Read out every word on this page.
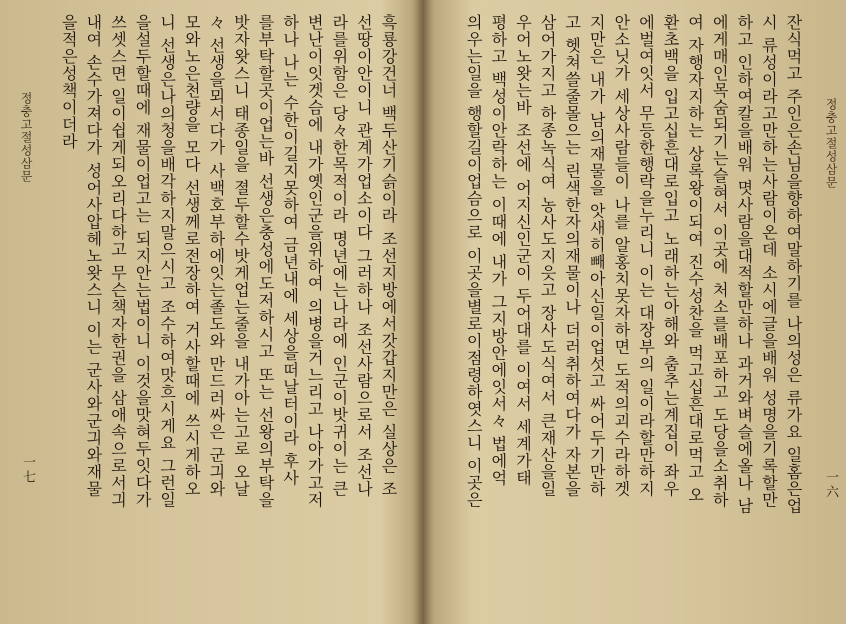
정충고절성삼문	흑룡강건너 백두산기슭이라 조선지방에서갓갑지만은 실상은 조
선땅이안이니 관계가업소이다 그러하나 조선사람으로서 조선나
라를위함은 당々한목적이라 명년에는나라에 인군이밧귀이는 큰
변난이잇겟슴에 내가옛인군을위하여 의병을거느리고 나아가고저
하나 나는 수한이길지못하여 금년내에 세상을떠날터이라 후사
를부탁할곳이업는바 선생은충성에도저하시고 또는 선왕의부탁을
밧자왓스니 태종일을 졀두할수밧게업는줄을 내가아는고로 오날
々 선생을뫼서다가 사백호부하에잇는졸도와 만드러싸은 군긔와
모와노은천량을 모다 선생께로전장하여 거사할때에 쓰시게하오
니 선생은나의청을배각하지말으시고 조수하여맛흐시게요 그런일
을설두할때에 재물이업고는 되지안는법이니 이것을맛혀두잇다가
쓰셋스면 일이쉽게되오리다하고 무슨책자한권을 삼애속으로서긔
내여 손수가져다가 성어사압헤노왓스니 이는 군사와군긔와재물
을적은성책이더라
一七
정충고절성삼문
잔식먹고 주인은손님을향하여말하기를 나의성은 류가요 일홈은업
시 류성이라고만하는사람이온데 소시에글을배워 성명을기록할만
하고 인하여칼을배워 몃사람을대적할만하나 과거와벼슬에올나 남
에게매인목숨되기는슬혀서 이곳에 처소를배포하고 도당을소취하
여 자행자지하는 상록왕이되여 진수성찬을 먹고십흔대로먹고 오
환초백을 입고십흔대로입고 노래하는아해와 춤추는계집이 좌우
에벌여잇서 무등한행락을누리니 이는 대장부의 일이라할만하지
안소닛가 세상사람들이 나를 알홍치못자하면 도적의괴수라하겟
지만은 내가 남의재물을 앗새히빼아신일이업섯고 싸어두기만하
고 헷쳐쓸줄몰으는 린색한자의재물이나 더러취하여다가 자본을
삼어가지고 하종녹식여 농사도지읏고 장사도식여서 큰재산을일
우어노왓는바 조선에 어지신인군이 두어대를 이여서 세계가태
평하고 백성이안락하는 이때에 내가 그지방안에잇서々 법에억
의우는일을 행할길이업슴으로 이곳을별로이점령하엿스니 이곳은	一六
